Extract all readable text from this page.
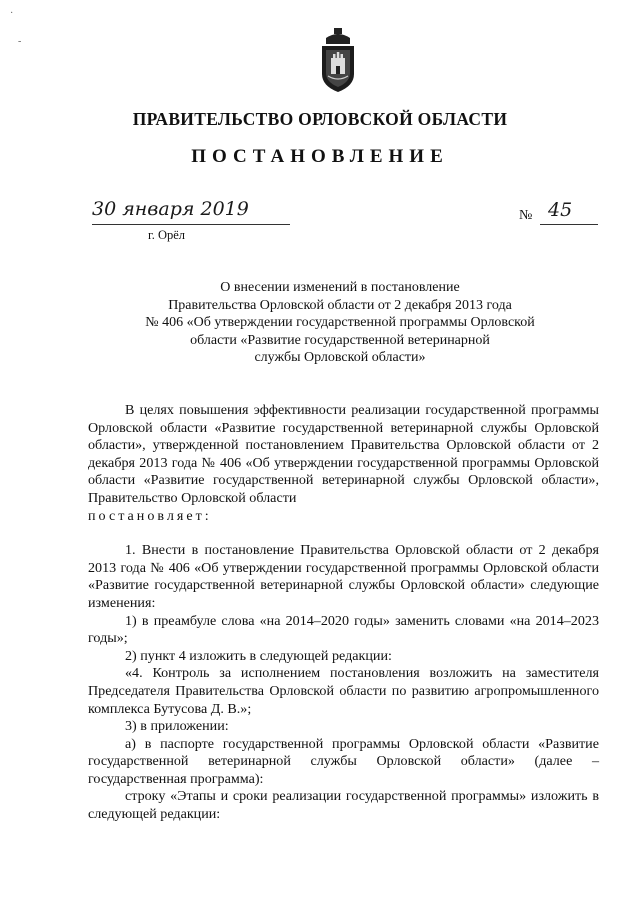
·
-
ПРАВИТЕЛЬСТВО ОРЛОВСКОЙ ОБЛАСТИ
ПОСТАНОВЛЕНИЕ
30 января 2019
г. Орёл
№ 45
О внесении изменений в постановление
Правительства Орловской области от 2 декабря 2013 года
№ 406 «Об утверждении государственной программы Орловской
области «Развитие государственной ветеринарной
службы Орловской области»

В целях повышения эффективности реализации государственной программы Орловской области «Развитие государственной ветеринарной службы Орловской области», утвержденной постановлением Правительства Орловской области от 2 декабря 2013 года № 406 «Об утверждении государственной программы Орловской области «Развитие государственной ветеринарной службы Орловской области», Правительство Орловской области

постановляет:

1. Внести в постановление Правительства Орловской области от 2 декабря 2013 года № 406 «Об утверждении государственной программы Орловской области «Развитие государственной ветеринарной службы Орловской области» следующие изменения:

1) в преамбуле слова «на 2014–2020 годы» заменить словами «на 2014–2023 годы»;

2) пункт 4 изложить в следующей редакции:

«4. Контроль за исполнением постановления возложить на заместителя Председателя Правительства Орловской области по развитию агропромышленного комплекса Бутусова Д. В.»;

3) в приложении:

а) в паспорте государственной программы Орловской области «Развитие государственной ветеринарной службы Орловской области» (далее – государственная программа):

строку «Этапы и сроки реализации государственной программы» изложить в следующей редакции:
